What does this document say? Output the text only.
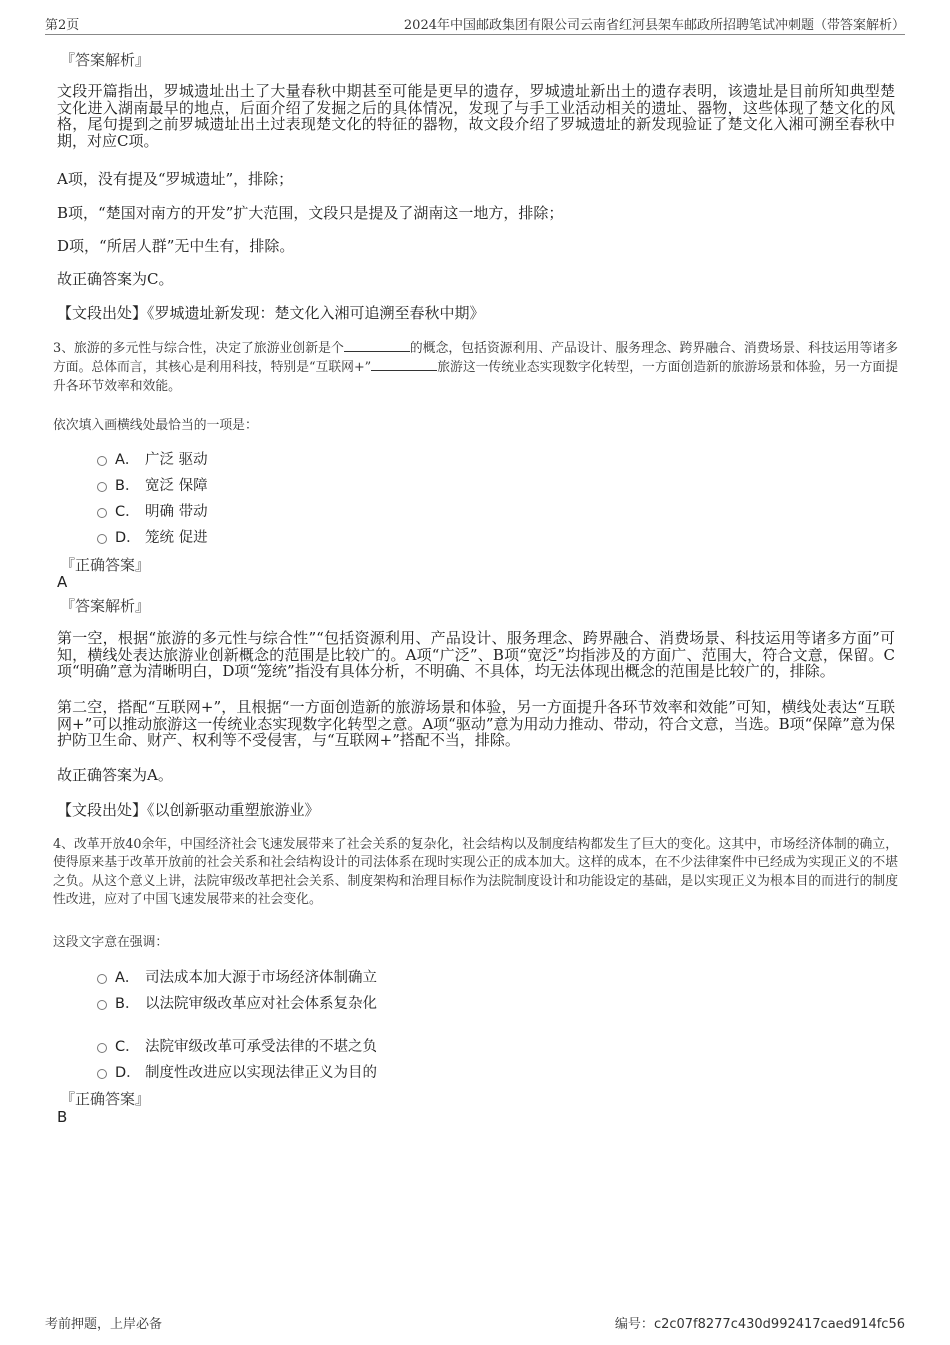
第2页	2024年中国邮政集团有限公司云南省红河县架车邮政所招聘笔试冲刺题（带答案解析）
『答案解析』
文段开篇指出，罗城遗址出土了大量春秋中期甚至可能是更早的遗存，罗城遗址新出土的遗存表明，该遗址是目前所知典型楚文化进入湖南最早的地点，后面介绍了发掘之后的具体情况，发现了与手工业活动相关的遗址、器物，这些体现了楚文化的风格，尾句提到之前罗城遗址出土过表现楚文化的特征的器物，故文段介绍了罗城遗址的新发现验证了楚文化入湘可溯至春秋中期，对应C项。
A项，没有提及“罗城遗址”，排除；
B项，“楚国对南方的开发”扩大范围，文段只是提及了湖南这一地方，排除；
D项，“所居人群”无中生有，排除。
故正确答案为C。
【文段出处】《罗城遗址新发现：楚文化入湘可追溯至春秋中期》
3、旅游的多元性与综合性，决定了旅游业创新是个	的概念，包括资源利用、产品设计、服务理念、跨界融合、消费场景、科技运用等诸多方面。总体而言，其核心是利用科技，特别是“互联网+”	旅游这一传统业态实现数字化转型，一方面创造新的旅游场景和体验，另一方面提升各环节效率和效能。
依次填入画横线处最恰当的一项是：
A． 广泛 驱动
B． 宽泛 保障
C． 明确 带动
D． 笼统 促进
『正确答案』
A
『答案解析』
第一空，根据“旅游的多元性与综合性”“包括资源利用、产品设计、服务理念、跨界融合、消费场景、科技运用等诸多方面”可知，横线处表达旅游业创新概念的范围是比较广的。A项“广泛”、B项“宽泛”均指涉及的方面广、范围大，符合文意，保留。C项“明确”意为清晰明白，D项“笼统”指没有具体分析，不明确、不具体，均无法体现出概念的范围是比较广的，排除。
第二空，搭配“互联网+”，且根据“一方面创造新的旅游场景和体验，另一方面提升各环节效率和效能”可知，横线处表达“互联网+”可以推动旅游这一传统业态实现数字化转型之意。A项“驱动”意为用动力推动、带动，符合文意，当选。B项“保障”意为保护防卫生命、财产、权利等不受侵害，与“互联网+”搭配不当，排除。
故正确答案为A。
【文段出处】《以创新驱动重塑旅游业》
4、改革开放40余年，中国经济社会飞速发展带来了社会关系的复杂化，社会结构以及制度结构都发生了巨大的变化。这其中，市场经济体制的确立，使得原来基于改革开放前的社会关系和社会结构设计的司法体系在现时实现公正的成本加大。这样的成本，在不少法律案件中已经成为实现正义的不堪之负。从这个意义上讲，法院审级改革把社会关系、制度架构和治理目标作为法院制度设计和功能设定的基础，是以实现正义为根本目的而进行的制度性改进，应对了中国飞速发展带来的社会变化。
这段文字意在强调：
A． 司法成本加大源于市场经济体制确立
B． 以法院审级改革应对社会体系复杂化
C． 法院审级改革可承受法律的不堪之负
D． 制度性改进应以实现法律正义为目的
『正确答案』
B
考前押题，上岸必备	编号：c2c07f8277c430d992417caed914fc56
